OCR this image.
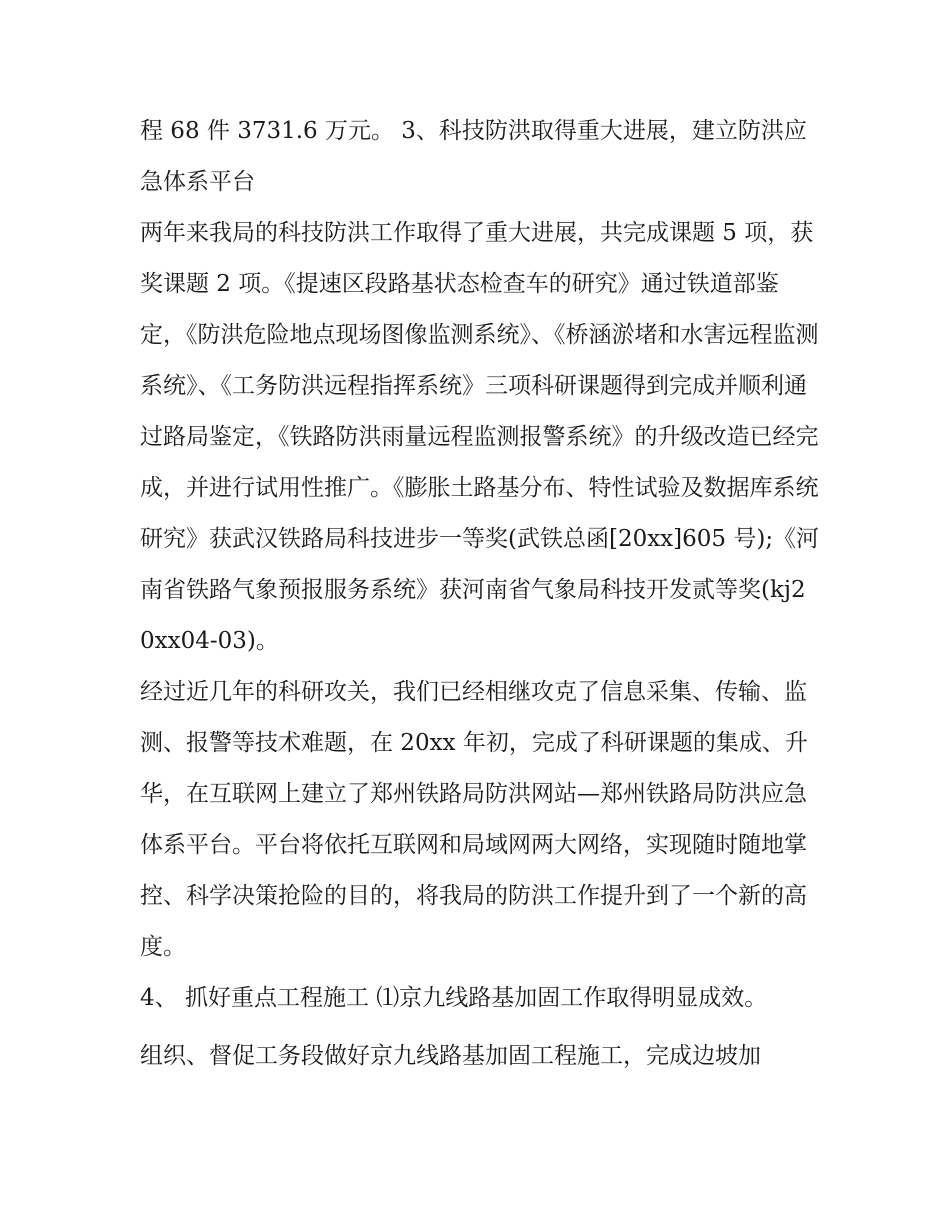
程 68 件 3731.6 万元。 3、科技防洪取得重大进展，建立防洪应急体系平台

两年来我局的科技防洪工作取得了重大进展，共完成课题 5 项，获奖课题 2 项。《提速区段路基状态检查车的研究》通过铁道部鉴定，《防洪危险地点现场图像监测系统》、《桥涵淤堵和水害远程监测系统》、《工务防洪远程指挥系统》三项科研课题得到完成并顺利通过路局鉴定，《铁路防洪雨量远程监测报警系统》的升级改造已经完成，并进行试用性推广。《膨胀土路基分布、特性试验及数据库系统研究》获武汉铁路局科技进步一等奖(武铁总函[20xx]605 号);《河南省铁路气象预报服务系统》获河南省气象局科技开发贰等奖(kj20xx04-03)。

经过近几年的科研攻关，我们已经相继攻克了信息采集、传输、监测、报警等技术难题，在 20xx 年初，完成了科研课题的集成、升华，在互联网上建立了郑州铁路局防洪网站—郑州铁路局防洪应急体系平台。平台将依托互联网和局域网两大网络，实现随时随地掌控、科学决策抢险的目的，将我局的防洪工作提升到了一个新的高度。

4、 抓好重点工程施工 ⑴京九线路基加固工作取得明显成效。

组织、督促工务段做好京九线路基加固工程施工，完成边坡加
